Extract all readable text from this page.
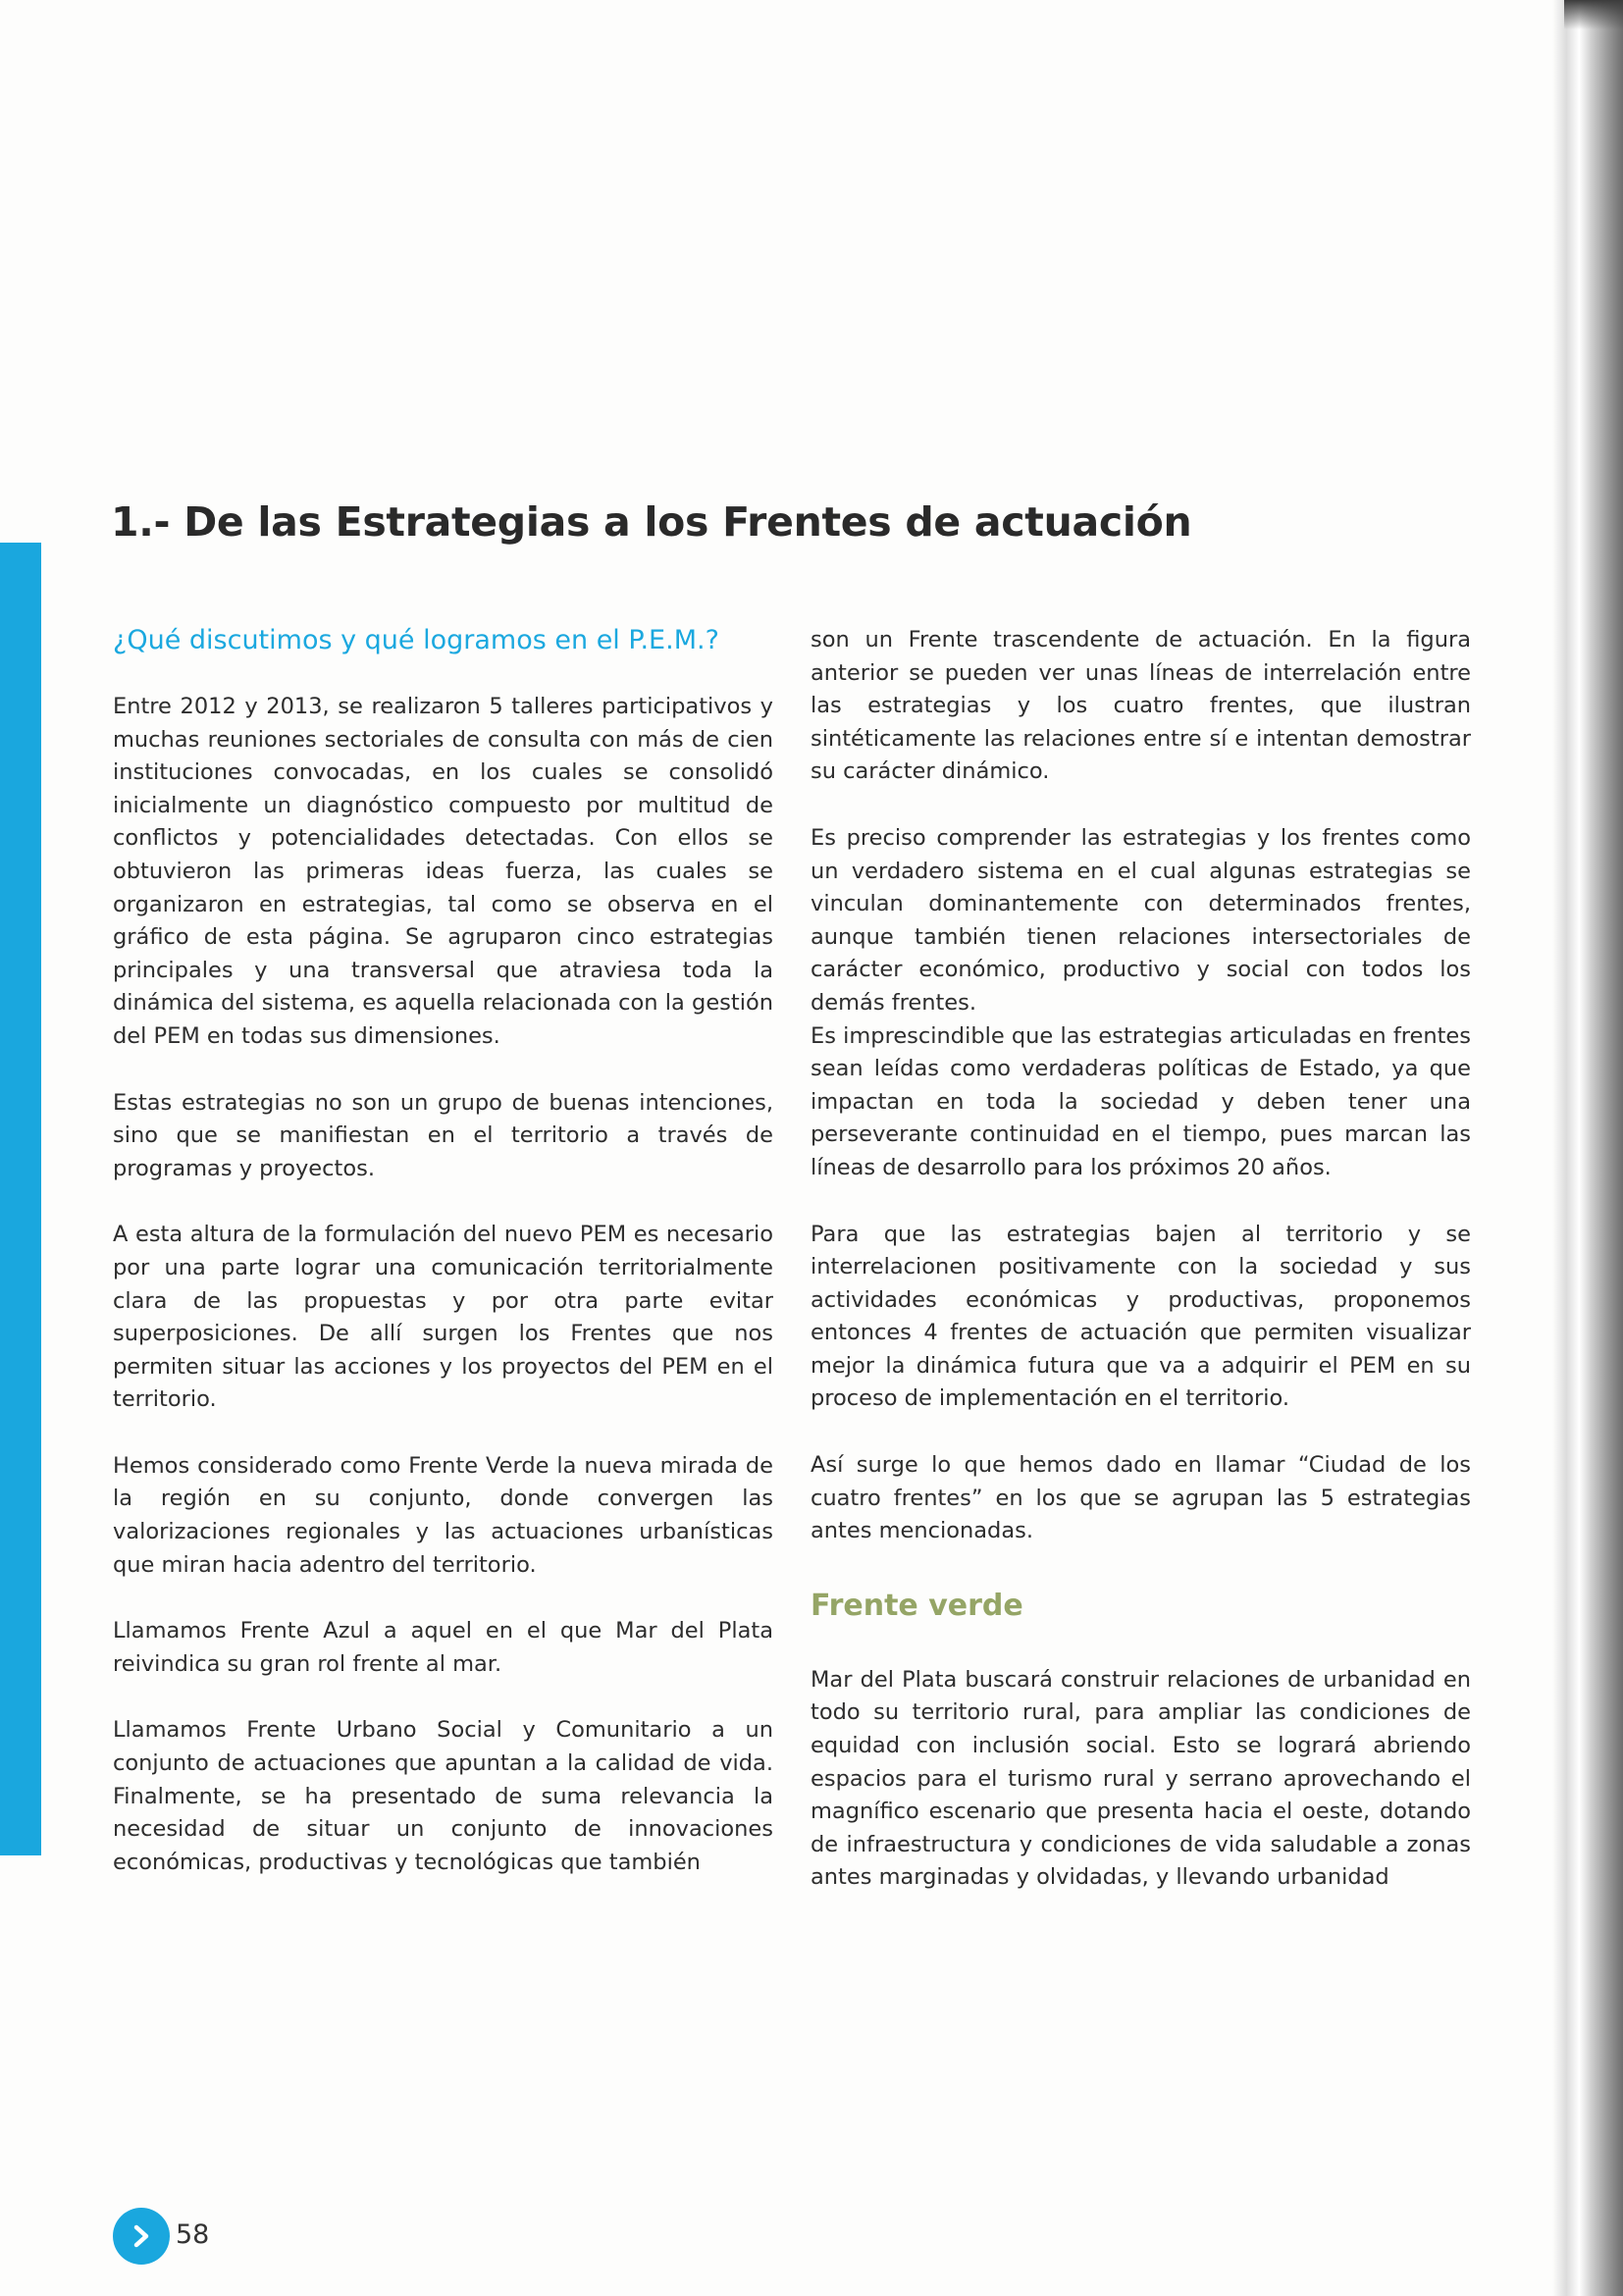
1.- De las Estrategias a los Frentes de actuación
¿Qué discutimos y qué logramos en el P.E.M.?

Entre 2012 y 2013, se realizaron 5 talleres participativos y muchas reuniones sectoriales de consulta con más de cien instituciones convocadas, en los cuales se consolidó inicialmente un diagnóstico compuesto por multitud de conflictos y potencialidades detectadas. Con ellos se obtuvieron las primeras ideas fuerza, las cuales se organizaron en estrategias, tal como se observa en el gráfico de esta página. Se agruparon cinco estrategias principales y una transversal que atraviesa toda la dinámica del sistema, es aquella relacionada con la gestión del PEM en todas sus dimensiones.

Estas estrategias no son un grupo de buenas intenciones, sino que se manifiestan en el territorio a través de programas y proyectos.

A esta altura de la formulación del nuevo PEM es necesario por una parte lograr una comunicación territorialmente clara de las propuestas y por otra parte evitar superposiciones. De allí surgen los Frentes que nos permiten situar las acciones y los proyectos del PEM en el territorio.

Hemos considerado como Frente Verde la nueva mirada de la región en su conjunto, donde convergen las valorizaciones regionales y las actuaciones urbanísticas que miran hacia adentro del territorio.

Llamamos Frente Azul a aquel en el que Mar del Plata reivindica su gran rol frente al mar.

Llamamos Frente Urbano Social y Comunitario a un conjunto de actuaciones que apuntan a la calidad de vida. Finalmente, se ha presentado de suma relevancia la necesidad de situar un conjunto de innovaciones económicas, productivas y tecnológicas que también

son un Frente trascendente de actuación. En la figura anterior se pueden ver unas líneas de interrelación entre las estrategias y los cuatro frentes, que ilustran sintéticamente las relaciones entre sí e intentan demostrar su carácter dinámico.

Es preciso comprender las estrategias y los frentes como un verdadero sistema en el cual algunas estrategias se vinculan dominantemente con determinados frentes, aunque también tienen relaciones intersectoriales de carácter económico, productivo y social con todos los demás frentes.

Es imprescindible que las estrategias articuladas en frentes sean leídas como verdaderas políticas de Estado, ya que impactan en toda la sociedad y deben tener una perseverante continuidad en el tiempo, pues marcan las líneas de desarrollo para los próximos 20 años.

Para que las estrategias bajen al territorio y se interrelacionen positivamente con la sociedad y sus actividades económicas y productivas, proponemos entonces 4 frentes de actuación que permiten visualizar mejor la dinámica futura que va a adquirir el PEM en su proceso de implementación en el territorio.

Así surge lo que hemos dado en llamar “Ciudad de los cuatro frentes” en los que se agrupan las 5 estrategias antes mencionadas.

Frente verde

Mar del Plata buscará construir relaciones de urbanidad en todo su territorio rural, para ampliar las condiciones de equidad con inclusión social. Esto se logrará abriendo espacios para el turismo rural y serrano aprovechando el magnífico escenario que presenta hacia el oeste, dotando de infraestructura y condiciones de vida saludable a zonas antes marginadas y olvidadas, y llevando urbanidad

58
